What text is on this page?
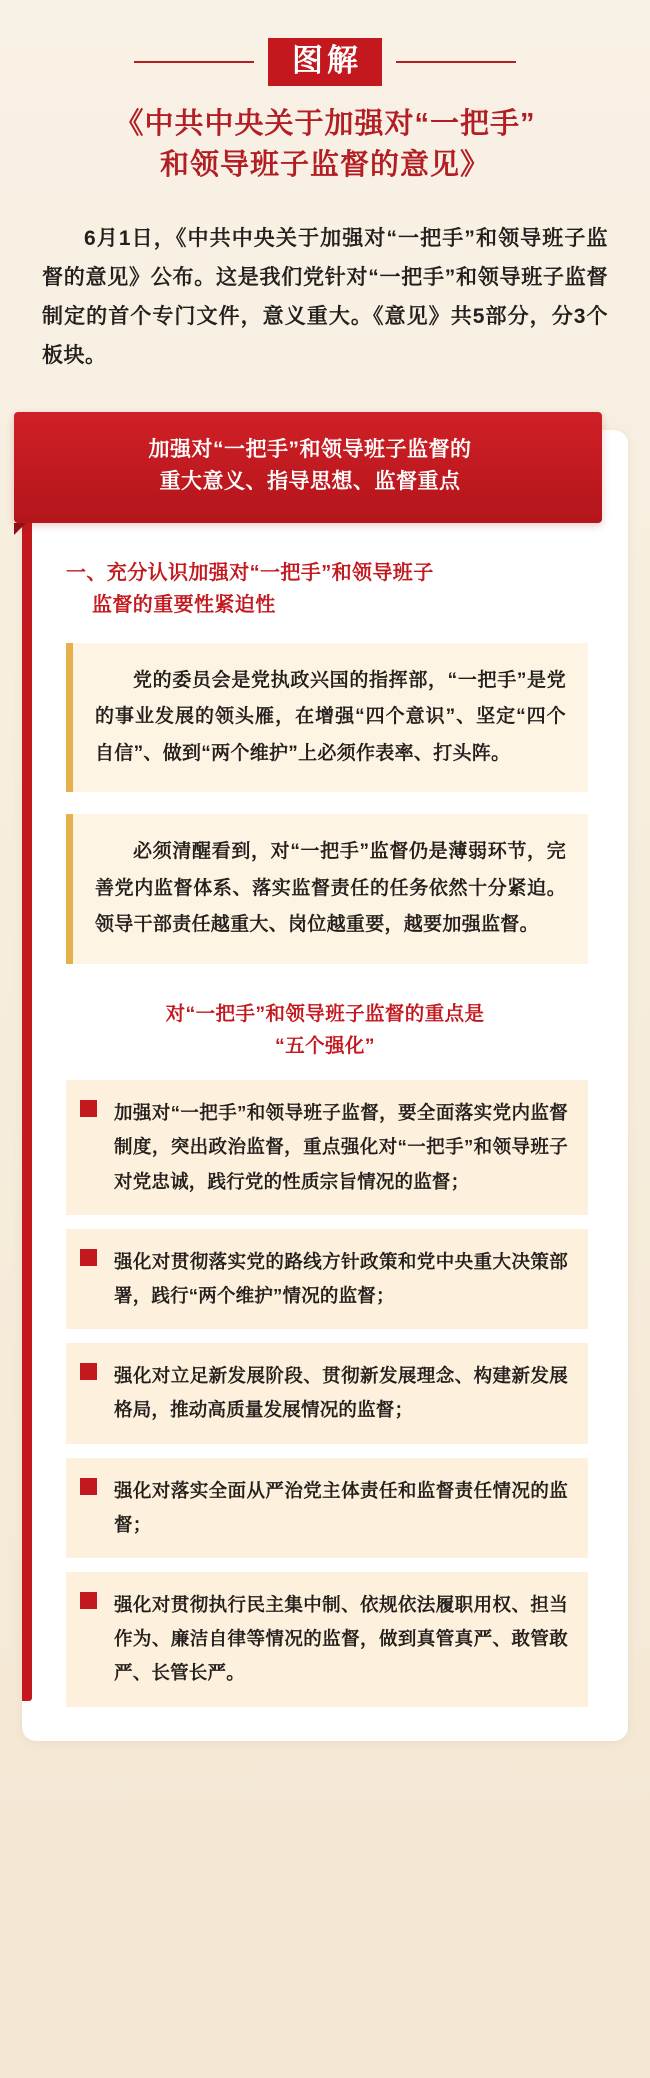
图解
《中共中央关于加强对“一把手”
和领导班子监督的意见》

6月1日，《中共中央关于加强对“一把手”和领导班子监督的意见》公布。这是我们党针对“一把手”和领导班子监督制定的首个专门文件，意义重大。《意见》共5部分，分3个板块。

加强对“一把手”和领导班子监督的
重大意义、指导思想、监督重点
一、充分认识加强对“一把手”和领导班子
监督的重要性紧迫性
党的委员会是党执政兴国的指挥部，“一把手”是党的事业发展的领头雁，在增强“四个意识”、坚定“四个自信”、做到“两个维护”上必须作表率、打头阵。
必须清醒看到，对“一把手”监督仍是薄弱环节，完善党内监督体系、落实监督责任的任务依然十分紧迫。领导干部责任越重大、岗位越重要，越要加强监督。
对“一把手”和领导班子监督的重点是
“五个强化”
加强对“一把手”和领导班子监督，要全面落实党内监督制度，突出政治监督，重点强化对“一把手”和领导班子对党忠诚，践行党的性质宗旨情况的监督；
强化对贯彻落实党的路线方针政策和党中央重大决策部署，践行“两个维护”情况的监督；
强化对立足新发展阶段、贯彻新发展理念、构建新发展格局，推动高质量发展情况的监督；
强化对落实全面从严治党主体责任和监督责任情况的监督；
强化对贯彻执行民主集中制、依规依法履职用权、担当作为、廉洁自律等情况的监督，做到真管真严、敢管敢严、长管长严。
